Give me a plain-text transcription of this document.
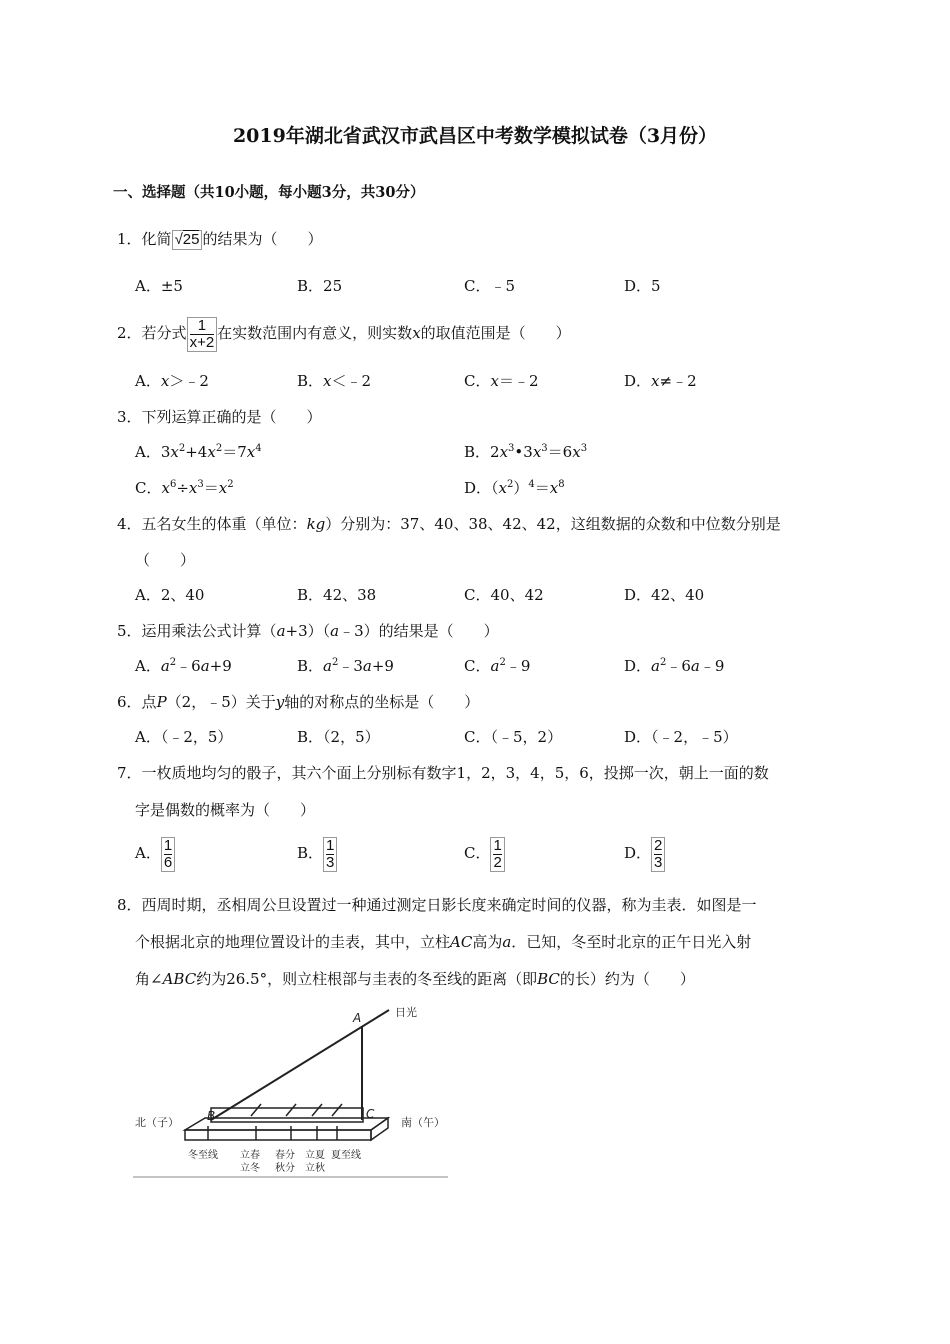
2019年湖北省武汉市武昌区中考数学模拟试卷（3月份）
一、选择题（共10小题，每小题3分，共30分）
1．化简 √25 的结果为（　　）
A．±5	B．25	C．﹣5	D．5
2．若分式 $\frac{1}{x+2}$ 在实数范围内有意义，则实数x的取值范围是（　　）
A．x＞﹣2	B．x＜﹣2	C．x＝﹣2	D．x≠﹣2
3．下列运算正确的是（　　）
A．$3x^2+4x^2=7x^4$	B．$2x^3•3x^3=6x^3$
C．$x^6\div x^3=x^2$	D．$(x^2)^4=x^8$
4．五名女生的体重（单位：kg）分别为：37、40、38、42、42，这组数据的众数和中位数分别是
（　　）
A．2、40	B．42、38	C．40、42	D．42、40
5．运用乘法公式计算（a+3）（a﹣3）的结果是（　　）
A．$a^2﹣6a+9$	B．$a^2﹣3a+9$	C．$a^2﹣9$	D．$a^2﹣6a﹣9$
6．点P（2，﹣5）关于y轴的对称点的坐标是（　　）
A．（﹣2，5）	B．（2，5）	C．（﹣5，2）	D．（﹣2，﹣5）
7．一枚质地均匀的骰子，其六个面上分别标有数字1，2，3，4，5，6，投掷一次，朝上一面的数
字是偶数的概率为（　　）
A． $\frac{1}{6}$	B． $\frac{1}{3}$	C． $\frac{1}{2}$	D． $\frac{2}{3}$
8．西周时期，丞相周公旦设置过一种通过测定日影长度来确定时间的仪器，称为圭表．如图是一
个根据北京的地理位置设计的圭表，其中，立柱AC高为a．已知，冬至时北京的正午日光入射
角∠ABC约为26.5°，则立柱根部与圭表的冬至线的距离（即BC的长）约为（　　）
日光
A
B	C
北（子）	南（午）
冬至线 立春
立冬
春分
秋分
立夏
立秋
夏至线
